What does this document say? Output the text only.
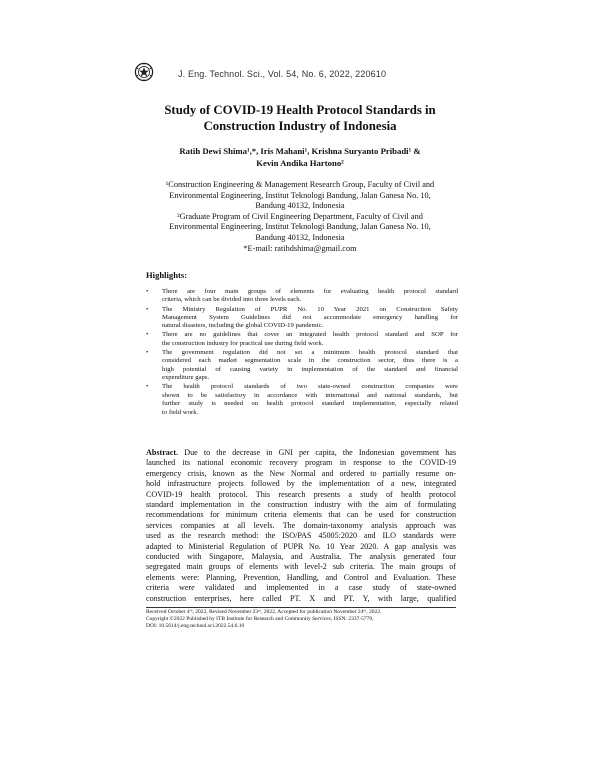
J. Eng. Technol. Sci., Vol. 54, No. 6, 2022, 220610
Study of COVID-19 Health Protocol Standards in
Construction Industry of Indonesia
Ratih Dewi Shima¹,*, Iris Mahani¹, Krishna Suryanto Pribadi¹ &
Kevin Andika Hartono²
¹Construction Engineering & Management Research Group, Faculty of Civil and
Environmental Engineering, Institut Teknologi Bandung, Jalan Ganesa No. 10,
Bandung 40132, Indonesia
²Graduate Program of Civil Engineering Department, Faculty of Civil and
Environmental Engineering, Institut Teknologi Bandung, Jalan Ganesa No. 10,
Bandung 40132, Indonesia
*E-mail: ratihdshima@gmail.com
Highlights:
• There are four main groups of elements for evaluating health protocol standard
criteria, which can be divided into three levels each.
• The Ministry Regulation of PUPR No. 10 Year 2021 on Construction Safety
Management System Guidelines did not accommodate emergency handling for
natural disasters, including the global COVID-19 pandemic.
• There are no guidelines that cover an integrated health protocol standard and SOP for
the construction industry for practical use during field work.
• The government regulation did not set a minimum health protocol standard that
considered each market segmentation scale in the construction sector, thus there is a
high potential of causing variety in implementation of the standard and financial
expenditure gaps.
• The health protocol standards of two state-owned construction companies were
shown to be satisfactory in accordance with international and national standards, but
further study is needed on health protocol standard implementation, especially related
to field work.
Abstract. Due to the decrease in GNI per capita, the Indonesian government has
launched its national economic recovery program in response to the COVID-19
emergency crisis, known as the New Normal and ordered to partially resume on-
hold infrastructure projects followed by the implementation of a new, integrated
COVID-19 health protocol. This research presents a study of health protocol
standard implementation in the construction industry with the aim of formulating
recommendations for minimum criteria elements that can be used for construction
services companies at all levels. The domain-taxonomy analysis approach was
used as the research method: the ISO/PAS 45005:2020 and ILO standards were
adapted to Ministerial Regulation of PUPR No. 10 Year 2020. A gap analysis was
conducted with Singapore, Malaysia, and Australia. The analysis generated four
segregated main groups of elements with level-2 sub criteria. The main groups of
elements were: Planning, Prevention, Handling, and Control and Evaluation. These
criteria were validated and implemented in a case study of state-owned
construction enterprises, here called PT. X and PT. Y, with large, qualified
Received October 4ᵗʰ, 2022, Revised November 23ʳᵈ, 2022, Accepted for publication November 24ᵗʰ, 2022.
Copyright ©2022 Published by ITB Institute for Research and Community Services, ISSN: 2337-5779,
DOI: 10.5614/j.eng.technol.sci.2022.54.6.10
